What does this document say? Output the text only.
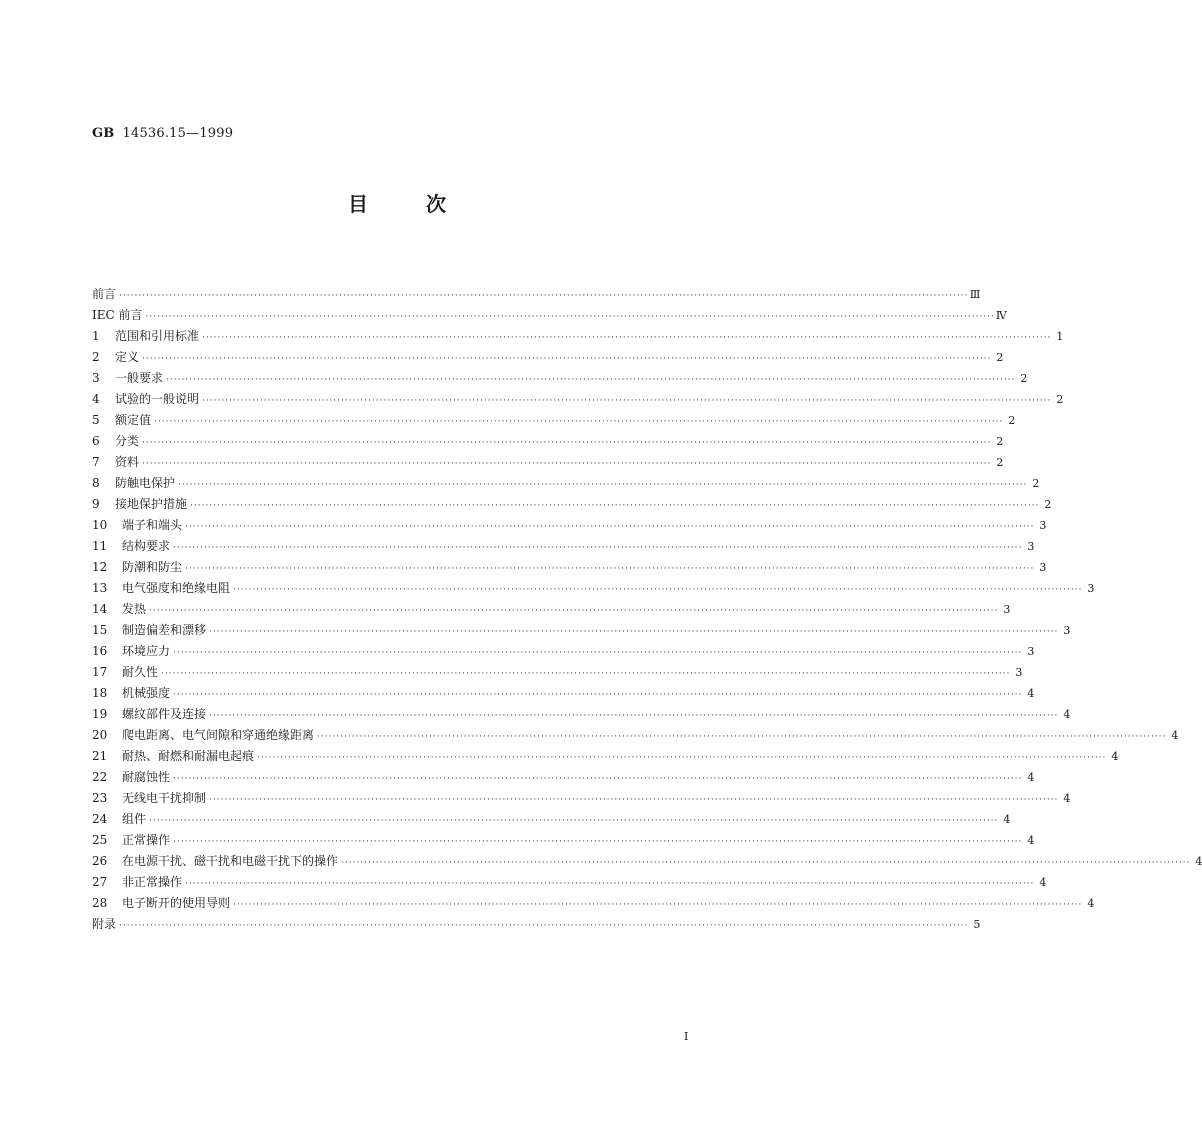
GB 14536.15—1999
目次
前言 ···························································································································································································································· Ⅲ
IEC 前言 ···························································································································································································································· Ⅳ
1	范围和引用标准 ···························································································································································································································· 1
2	定义 ···························································································································································································································· 2
3	一般要求 ···························································································································································································································· 2
4	试验的一般说明 ···························································································································································································································· 2
5	额定值 ···························································································································································································································· 2
6	分类 ···························································································································································································································· 2
7	资料 ···························································································································································································································· 2
8	防触电保护 ···························································································································································································································· 2
9	接地保护措施 ···························································································································································································································· 2
10	端子和端头 ···························································································································································································································· 3
11	结构要求 ···························································································································································································································· 3
12	防潮和防尘 ···························································································································································································································· 3
13	电气强度和绝缘电阻 ···························································································································································································································· 3
14	发热 ···························································································································································································································· 3
15	制造偏差和漂移 ···························································································································································································································· 3
16	环境应力 ···························································································································································································································· 3
17	耐久性 ···························································································································································································································· 3
18	机械强度 ···························································································································································································································· 4
19	螺纹部件及连接 ···························································································································································································································· 4
20	爬电距离、电气间隙和穿通绝缘距离 ···························································································································································································································· 4
21	耐热、耐燃和耐漏电起痕 ···························································································································································································································· 4
22	耐腐蚀性 ···························································································································································································································· 4
23	无线电干扰抑制 ···························································································································································································································· 4
24	组件 ···························································································································································································································· 4
25	正常操作 ···························································································································································································································· 4
26	在电源干扰、磁干扰和电磁干扰下的操作 ···························································································································································································································· 4
27	非正常操作 ···························································································································································································································· 4
28	电子断开的使用导则 ···························································································································································································································· 4
附录 ···························································································································································································································· 5
I
